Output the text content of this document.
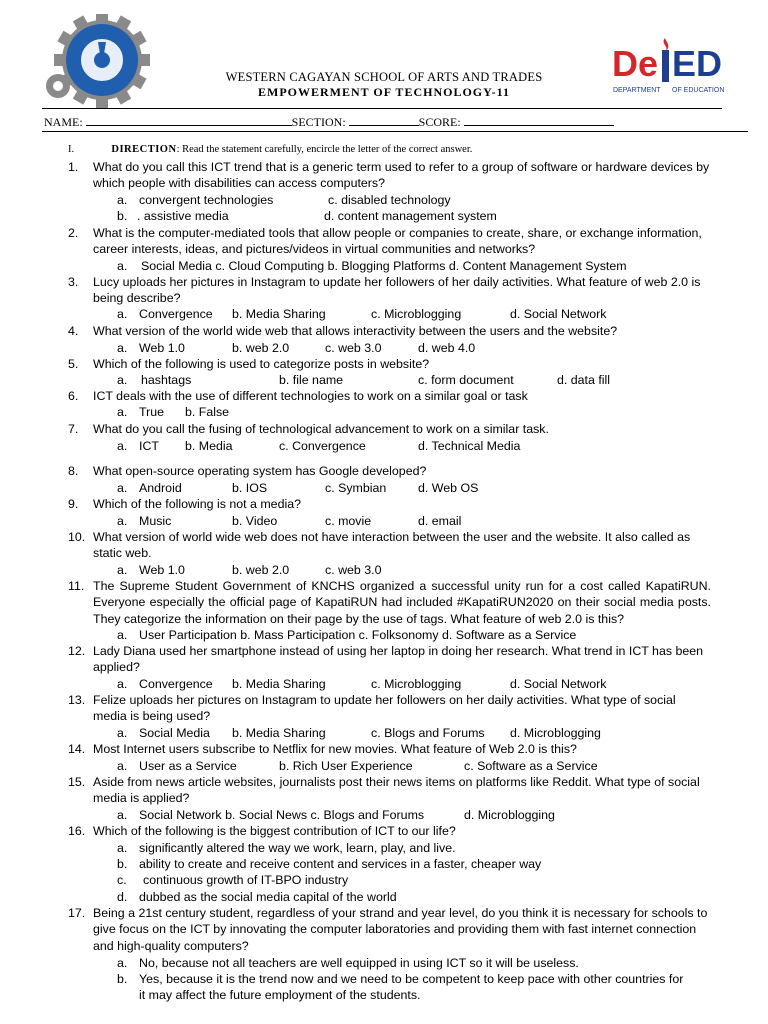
De ED
DEPARTMENT OF EDUCATION
WESTERN CAGAYAN SCHOOL OF ARTS AND TRADES
EMPOWERMENT OF TECHNOLOGY-11
NAME:	SECTION:	SCORE:
I.	DIRECTION: Read the statement carefully, encircle the letter of the correct answer.
1.	What do you call this ICT trend that is a generic term used to refer to a group of software or hardware devices by which people with disabilities can access computers?
a. convergent technologies	c. disabled technology
b. . assistive media	d. content management system
2.	What is the computer-mediated tools that allow people or companies to create, share, or exchange information, career interests, ideas, and pictures/videos in virtual communities and networks?
a. Social Media c. Cloud Computing b. Blogging Platforms d. Content Management System
3.	Lucy uploads her pictures in Instagram to update her followers of her daily activities. What feature of web 2.0 is being describe?
a. Convergence b. Media Sharing	c. Microblogging	d. Social Network
4.	What version of the world wide web that allows interactivity between the users and the website?
a. Web 1.0	b. web 2.0	c. web 3.0	d. web 4.0
5.	Which of the following is used to categorize posts in website?
a. hashtags	b. file name	c. form document	d. data fill
6.	ICT deals with the use of different technologies to work on a similar goal or task
a. True b. False
7.	What do you call the fusing of technological advancement to work on a similar task.
a. ICT b. Media	c. Convergence	d. Technical Media
8.	What open-source operating system has Google developed?
a. Android	b. IOS	c. Symbian	d. Web OS
9.	Which of the following is not a media?
a. Music	b. Video	c. movie	d. email
10. What version of world wide web does not have interaction between the user and the website. It also called as static web.
a. Web 1.0	b. web 2.0	c. web 3.0
11. The Supreme Student Government of KNCHS organized a successful unity run for a cost called KapatiRUN. Everyone especially the official page of KapatiRUN had included #KapatiRUN2020 on their social media posts. They categorize the information on their page by the use of tags. What feature of web 2.0 is this?
a. User Participation b. Mass Participation c. Folksonomy d. Software as a Service
12. Lady Diana used her smartphone instead of using her laptop in doing her research. What trend in ICT has been applied?
a. Convergence b. Media Sharing	c. Microblogging	d. Social Network
13. Felize uploads her pictures on Instagram to update her followers on her daily activities. What type of social media is being used?
a. Social Media b. Media Sharing	c. Blogs and Forums d. Microblogging
14. Most Internet users subscribe to Netflix for new movies. What feature of Web 2.0 is this?
a. User as a Service	b. Rich User Experience	c. Software as a Service
15. Aside from news article websites, journalists post their news items on platforms like Reddit. What type of social media is applied?
a. Social Network b. Social News c. Blogs and Forums	d. Microblogging
16. Which of the following is the biggest contribution of ICT to our life?
a. significantly altered the way we work, learn, play, and live.
b. ability to create and receive content and services in a faster, cheaper way
c. continuous growth of IT-BPO industry
d. dubbed as the social media capital of the world
17. Being a 21st century student, regardless of your strand and year level, do you think it is necessary for schools to give focus on the ICT by innovating the computer laboratories and providing them with fast internet connection and high-quality computers?
a. No, because not all teachers are well equipped in using ICT so it will be useless.
b. Yes, because it is the trend now and we need to be competent to keep pace with other countries for
it may affect the future employment of the students.
